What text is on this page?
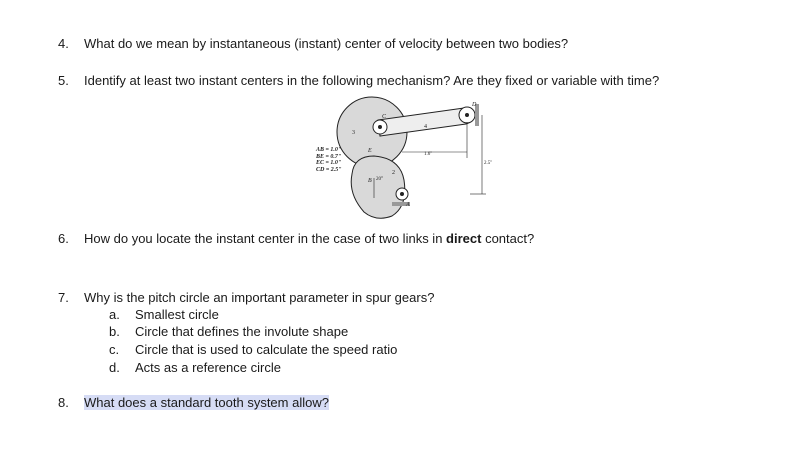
4. What do we mean by instantaneous (instant) center of velocity between two bodies?
5. Identify at least two instant centers in the following mechanism? Are they fixed or variable with time?
3
C
4
D
E
1.6"
2.5"
2
B 20°
A
AB = 1.0"
BE = 0.7"
EC = 1.0"
CD = 2.5"
6. How do you locate the instant center in the case of two links in direct contact?
7. Why is the pitch circle an important parameter in spur gears?
a. Smallest circle
b. Circle that defines the involute shape
c. Circle that is used to calculate the speed ratio
d. Acts as a reference circle
8. What does a standard tooth system allow?
